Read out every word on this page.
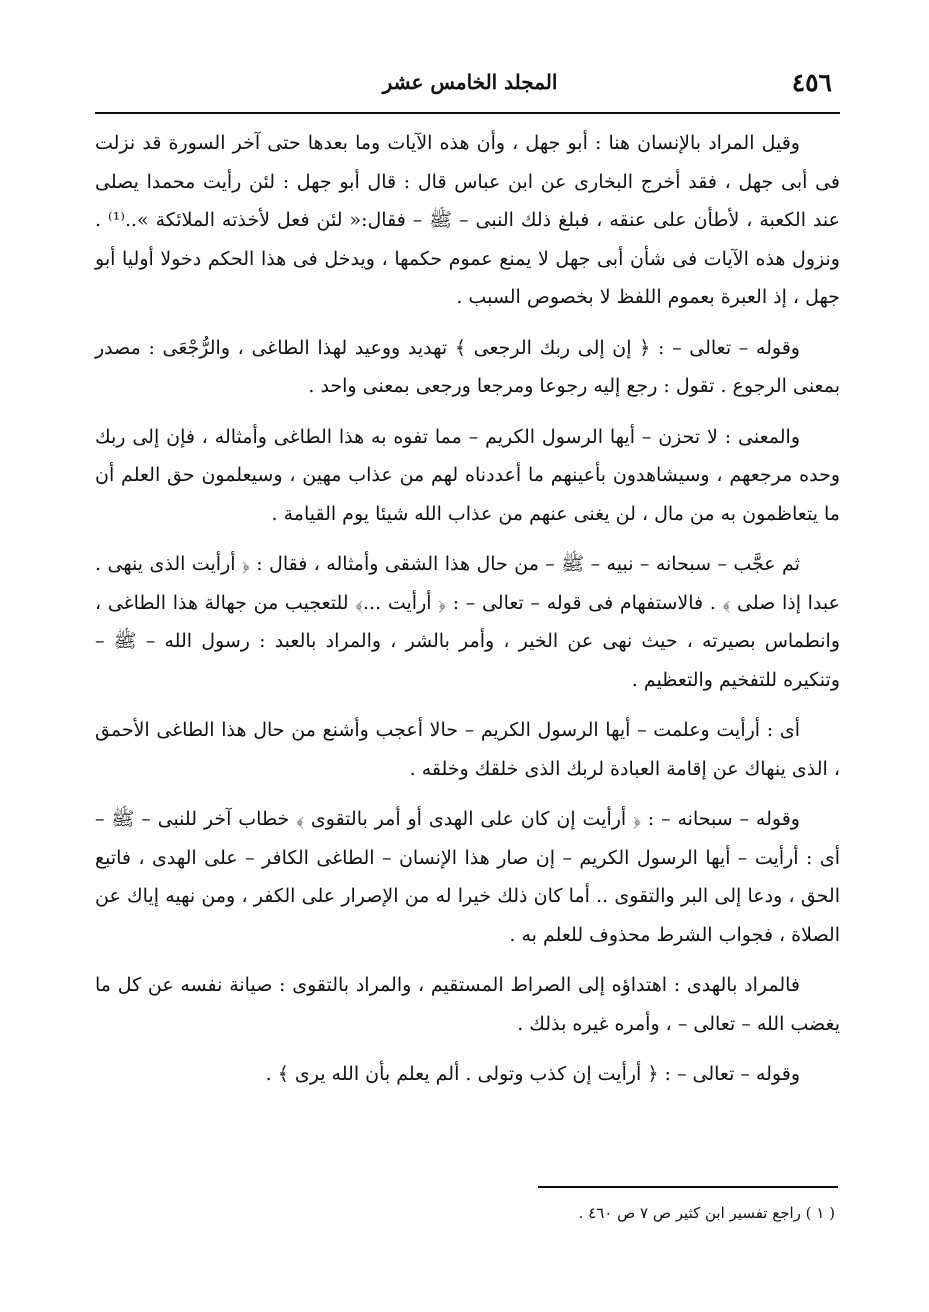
٤٥٦
المجلد الخامس عشر

وقيل المراد بالإنسان هنا : أبو جهل ، وأن هذه الآيات وما بعدها حتى آخر السورة قد نزلت فى أبى جهل ، فقد أخرج البخارى عن ابن عباس قال : قال أبو جهل : لئن رأيت محمدا يصلى عند الكعبة ، لأطأن على عنقه ، فبلغ ذلك النبى – ﷺ – فقال:« لئن فعل لأخذته الملائكة »..⁽¹⁾ . ونزول هذه الآيات فى شأن أبى جهل لا يمنع عموم حكمها ، ويدخل فى هذا الحكم دخولا أوليا أبو جهل ، إذ العبرة بعموم اللفظ لا بخصوص السبب .

وقوله – تعالى – : ﴿ إن إلى ربك الرجعى ﴾ تهديد ووعيد لهذا الطاغى ، والرُّجْعَى : مصدر بمعنى الرجوع . تقول : رجع إليه رجوعا ومرجعا ورجعى بمعنى واحد .

والمعنى : لا تحزن – أيها الرسول الكريم – مما تفوه به هذا الطاغى وأمثاله ، فإن إلى ربك وحده مرجعهم ، وسيشاهدون بأعينهم ما أعددناه لهم من عذاب مهين ، وسيعلمون حق العلم أن ما يتعاظمون به من مال ، لن يغنى عنهم من عذاب الله شيئا يوم القيامة .

ثم عجَّب – سبحانه – نبيه – ﷺ – من حال هذا الشقى وأمثاله ، فقال : ﴿ أرأيت الذى ينهى . عبدا إذا صلى ﴾ . فالاستفهام فى قوله – تعالى – : ﴿ أرأيت ...﴾ للتعجيب من جهالة هذا الطاغى ، وانطماس بصيرته ، حيث نهى عن الخير ، وأمر بالشر ، والمراد بالعبد : رسول الله – ﷺ – وتنكيره للتفخيم والتعظيم .

أى : أرأيت وعلمت – أيها الرسول الكريم – حالا أعجب وأشنع من حال هذا الطاغى الأحمق ، الذى ينهاك عن إقامة العبادة لربك الذى خلقك وخلقه .

وقوله – سبحانه – : ﴿ أرأيت إن كان على الهدى أو أمر بالتقوى ﴾ خطاب آخر للنبى – ﷺ – أى : أرأيت – أيها الرسول الكريم – إن صار هذا الإنسان – الطاغى الكافر – على الهدى ، فاتبع الحق ، ودعا إلى البر والتقوى .. أما كان ذلك خيرا له من الإصرار على الكفر ، ومن نهيه إياك عن الصلاة ، فجواب الشرط محذوف للعلم به .

فالمراد بالهدى : اهتداؤه إلى الصراط المستقيم ، والمراد بالتقوى : صيانة نفسه عن كل ما يغضب الله – تعالى – ، وأمره غيره بذلك .

وقوله – تعالى – : ﴿ أرأيت إن كذب وتولى . ألم يعلم بأن الله يرى ﴾ .

( ١ ) راجع تفسير ابن كثير ص ٧ ص ٤٦٠ .
